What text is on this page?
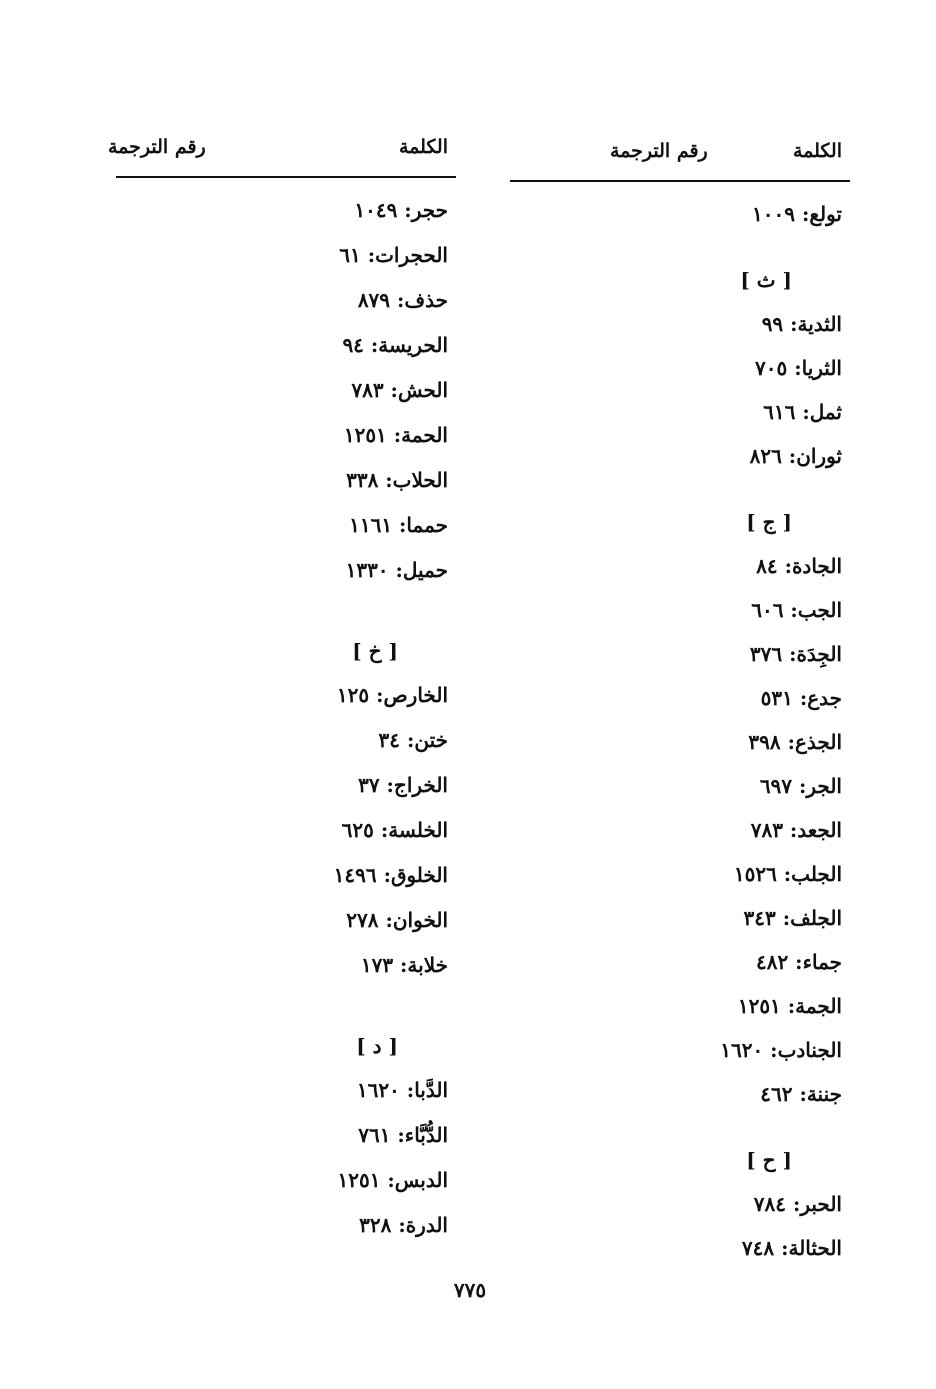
الكلمة
رقم الترجمة
تولع: ١٠٠٩
[ ث ]
الثدية: ٩٩
الثريا: ٧٠٥
ثمل: ٦١٦
ثوران: ٨٢٦
[ ج ]
الجادة: ٨٤
الجب: ٦٠٦
الجِدَة: ٣٧٦
جدع: ٥٣١
الجذع: ٣٩٨
الجر: ٦٩٧
الجعد: ٧٨٣
الجلب: ١٥٢٦
الجلف: ٣٤٣
جماء: ٤٨٢
الجمة: ١٢٥١
الجنادب: ١٦٢٠
جننة: ٤٦٢
[ ح ]
الحبر: ٧٨٤
الحثالة: ٧٤٨
الكلمة
رقم الترجمة
حجر: ١٠٤٩
الحجرات: ٦١
حذف: ٨٧٩
الحريسة: ٩٤
الحش: ٧٨٣
الحمة: ١٢٥١
الحلاب: ٣٣٨
حمما: ١١٦١
حميل: ١٣٣٠
[ خ ]
الخارص: ١٢٥
ختن: ٣٤
الخراج: ٣٧
الخلسة: ٦٢٥
الخلوق: ١٤٩٦
الخوان: ٢٧٨
خلابة: ١٧٣
[ د ]
الدَّبا: ١٦٢٠
الدُّبَّاء: ٧٦١
الدبس: ١٢٥١
الدرة: ٣٢٨
٧٧٥
